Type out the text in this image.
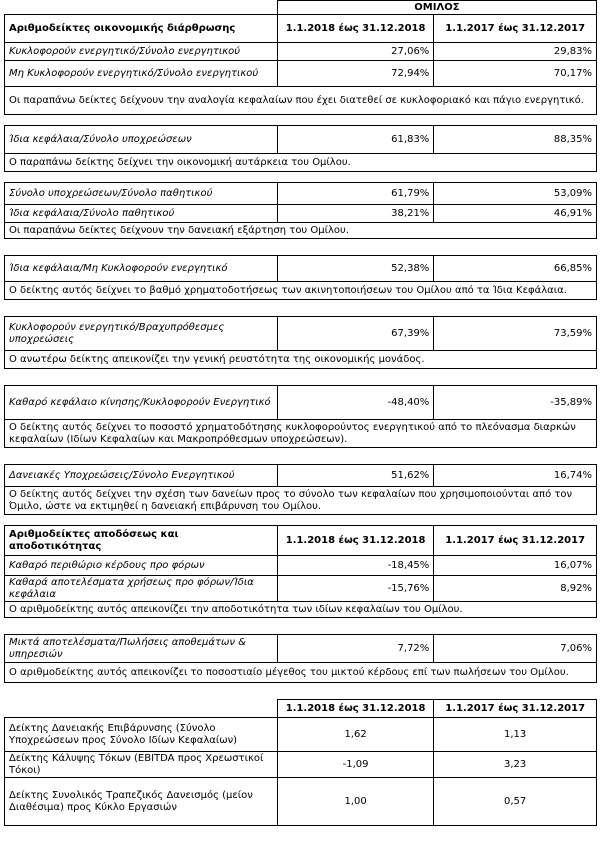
	ΟΜΙΛΟΣ	
Αριθμοδείκτες οικονομικής διάρθρωσης	1.1.2018 έως 31.12.2018	1.1.2017 έως 31.12.2017
Κυκλοφορούν ενεργητικό/Σύνολο ενεργητικού	27,06%	29,83%
Μη Κυκλοφορούν ενεργητικό/Σύνολο ενεργητικού	72,94%	70,17%
Οι παραπάνω δείκτες δείχνουν την αναλογία κεφαλαίων που έχει διατεθεί σε κυκλοφοριακό και πάγιο ενεργητικό.		

Ίδια κεφάλαια/Σύνολο υποχρεώσεων	61,83%	88,35%
Ο παραπάνω δείκτης δείχνει την οικονομική αυτάρκεια του Ομίλου.		

Σύνολο υποχρεώσεων/Σύνολο παθητικού	61,79%	53,09%
Ίδια κεφάλαια/Σύνολο παθητικού	38,21%	46,91%
Οι παραπάνω δείκτες δείχνουν την δανειακή εξάρτηση του Ομίλου.		

Ίδια κεφάλαια/Μη Κυκλοφορούν ενεργητικό	52,38%	66,85%
Ο δείκτης αυτός δείχνει το βαθμό χρηματοδοτήσεως των ακινητοποιήσεων του Ομίλου από τα Ίδια Κεφάλαια.		

Κυκλοφορούν ενεργητικό/Βραχυπρόθεσμες υποχρεώσεις	67,39%	73,59%
Ο ανωτέρω δείκτης απεικονίζει την γενική ρευστότητα της οικονομικής μονάδος.		

Καθαρό κεφάλαιο κίνησης/Κυκλοφορούν Ενεργητικό	-48,40%	-35,89%
Ο δείκτης αυτός δείχνει το ποσοστό χρηματοδότησης κυκλοφορούντος ενεργητικού από το πλεόνασμα διαρκών κεφαλαίων (Ιδίων Κεφαλαίων και Μακροπρόθεσμων υποχρεώσεων).		

Δανειακές Υποχρεώσεις/Σύνολο Ενεργητικού	51,62%	16,74%
Ο δείκτης αυτός δείχνει την σχέση των δανείων προς το σύνολο των κεφαλαίων που χρησιμοποιούνται από τον Όμιλο, ώστε να εκτιμηθεί η δανειακή επιβάρυνση του Ομίλου.		

Αριθμοδείκτες αποδόσεως και αποδοτικότητας	1.1.2018 έως 31.12.2018	1.1.2017 έως 31.12.2017
Καθαρό περιθώριο κέρδους προ φόρων	-18,45%	16,07%
Καθαρά αποτελέσματα χρήσεως προ φόρων/Ίδια κεφάλαια	-15,76%	8,92%
Ο αριθμοδείκτης αυτός απεικονίζει την αποδοτικότητα των ιδίων κεφαλαίων του Ομίλου.		

Μικτά αποτελέσματα/Πωλήσεις αποθεμάτων & υπηρεσιών	7,72%	7,06%
Ο αριθμοδείκτης αυτός απεικονίζει το ποσοστιαίο μέγεθος του μικτού κέρδους επί των πωλήσεων του Ομίλου.		

	1.1.2018 έως 31.12.2018	1.1.2017 έως 31.12.2017
Δείκτης Δανειακής Επιβάρυνσης (Σύνολο Υποχρεώσεων προς Σύνολο Ιδίων Κεφαλαίων)	1,62	1,13
Δείκτης Κάλυψης Τόκων (EBITDA προς Χρεωστικοί Τόκοι)	-1,09	3,23
Δείκτης Συνολικός Τραπεζικός Δανεισμός (μείον Διαθέσιμα) προς Κύκλο Εργασιών	1,00	0,57
